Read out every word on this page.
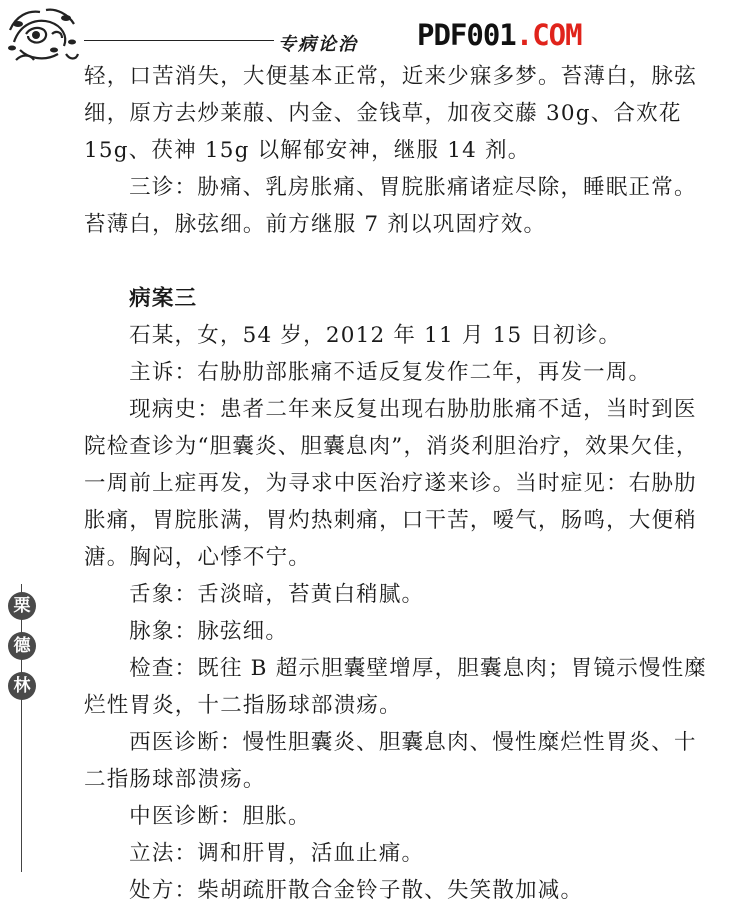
专病论治 PDF001.COM

轻，口苦消失，大便基本正常，近来少寐多梦。苔薄白，脉弦细，原方去炒莱菔、内金、金钱草，加夜交藤 30g、合欢花 15g、茯神 15g 以解郁安神，继服 14 剂。

三诊：胁痛、乳房胀痛、胃脘胀痛诸症尽除，睡眠正常。苔薄白，脉弦细。前方继服 7 剂以巩固疗效。

病案三

石某，女，54 岁，2012 年 11 月 15 日初诊。

主诉：右胁肋部胀痛不适反复发作二年，再发一周。

现病史：患者二年来反复出现右胁肋胀痛不适，当时到医院检查诊为“胆囊炎、胆囊息肉”，消炎利胆治疗，效果欠佳，一周前上症再发，为寻求中医治疗遂来诊。当时症见：右胁肋胀痛，胃脘胀满，胃灼热刺痛，口干苦，嗳气，肠鸣，大便稍溏。胸闷，心悸不宁。

舌象：舌淡暗，苔黄白稍腻。

脉象：脉弦细。

检查：既往 B 超示胆囊壁增厚，胆囊息肉；胃镜示慢性糜烂性胃炎，十二指肠球部溃疡。

西医诊断：慢性胆囊炎、胆囊息肉、慢性糜烂性胃炎、十二指肠球部溃疡。

中医诊断：胆胀。

立法：调和肝胃，活血止痛。

处方：柴胡疏肝散合金铃子散、失笑散加减。

栗
德
林
